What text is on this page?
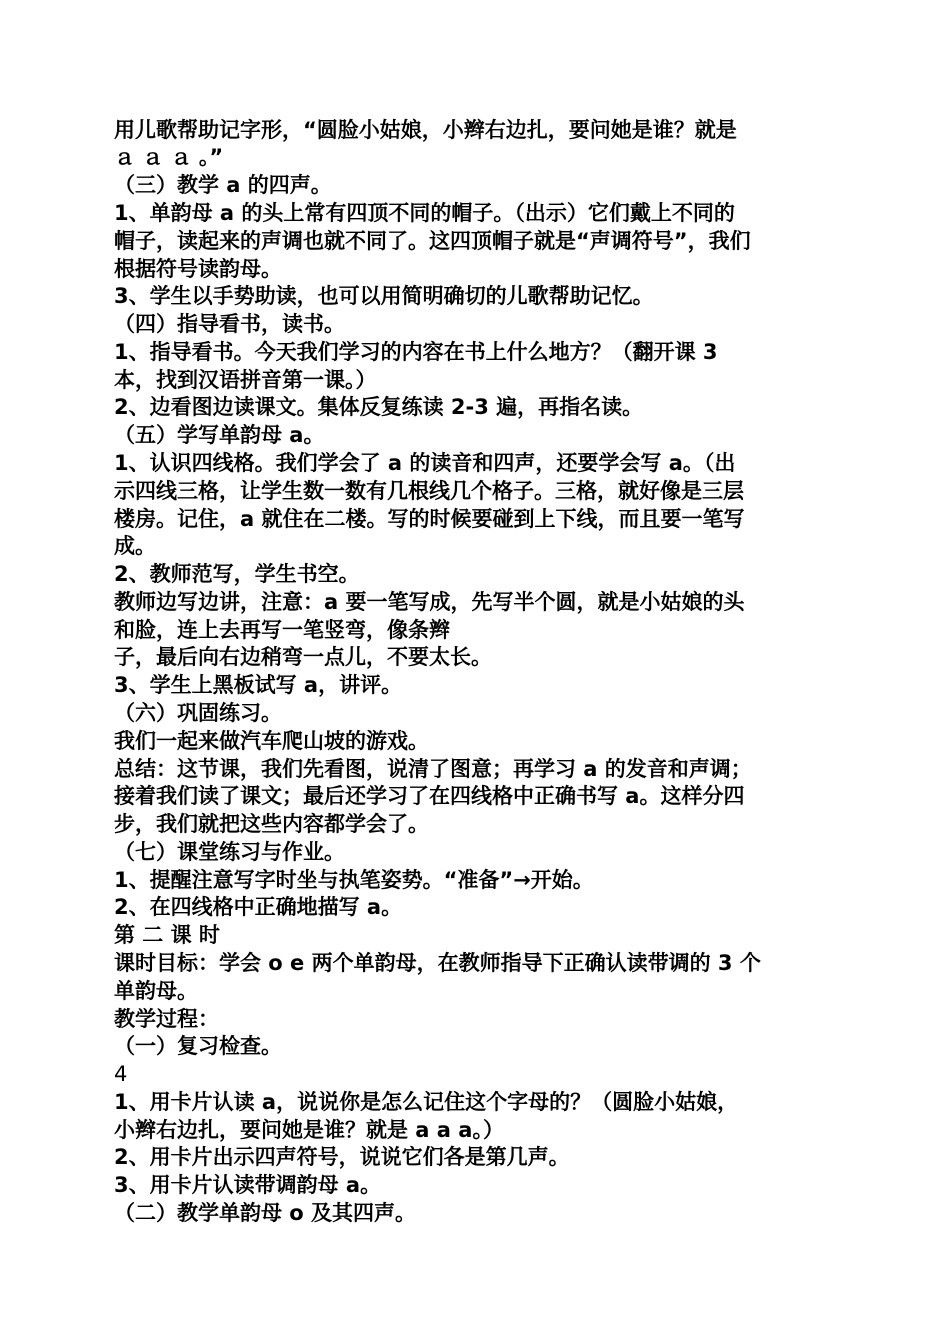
用儿歌帮助记字形，“圆脸小姑娘，小辫右边扎，要问她是谁？就是
ａ ａ ａ 。”
（三）教学 a 的四声。
1、单韵母 a 的头上常有四顶不同的帽子。（出示）它们戴上不同的
帽子，读起来的声调也就不同了。这四顶帽子就是“声调符号”，我们
根据符号读韵母。
3、学生以手势助读，也可以用简明确切的儿歌帮助记忆。
（四）指导看书，读书。
1、指导看书。今天我们学习的内容在书上什么地方？（翻开课 3
本，找到汉语拼音第一课。）
2、边看图边读课文。集体反复练读 2-3 遍，再指名读。
（五）学写单韵母 a。
1、认识四线格。我们学会了 a 的读音和四声，还要学会写 a。（出
示四线三格，让学生数一数有几根线几个格子。三格，就好像是三层
楼房。记住，a 就住在二楼。写的时候要碰到上下线，而且要一笔写
成。
2、教师范写，学生书空。
教师边写边讲，注意：a 要一笔写成，先写半个圆，就是小姑娘的头
和脸，连上去再写一笔竖弯，像条辫
子，最后向右边稍弯一点儿，不要太长。
3、学生上黑板试写 a，讲评。
（六）巩固练习。
我们一起来做汽车爬山坡的游戏。
总结：这节课，我们先看图，说清了图意；再学习 a 的发音和声调；
接着我们读了课文；最后还学习了在四线格中正确书写 a。这样分四
步，我们就把这些内容都学会了。
（七）课堂练习与作业。
1、提醒注意写字时坐与执笔姿势。“准备”→开始。
2、在四线格中正确地描写 a。
第 二 课 时
课时目标：学会 o e 两个单韵母，在教师指导下正确认读带调的 3 个
单韵母。
教学过程：
（一）复习检查。
4
1、用卡片认读 a，说说你是怎么记住这个字母的？（圆脸小姑娘，
小辫右边扎，要问她是谁？就是 a a a。）
2、用卡片出示四声符号，说说它们各是第几声。
3、用卡片认读带调韵母 a。
（二）教学单韵母 o 及其四声。
